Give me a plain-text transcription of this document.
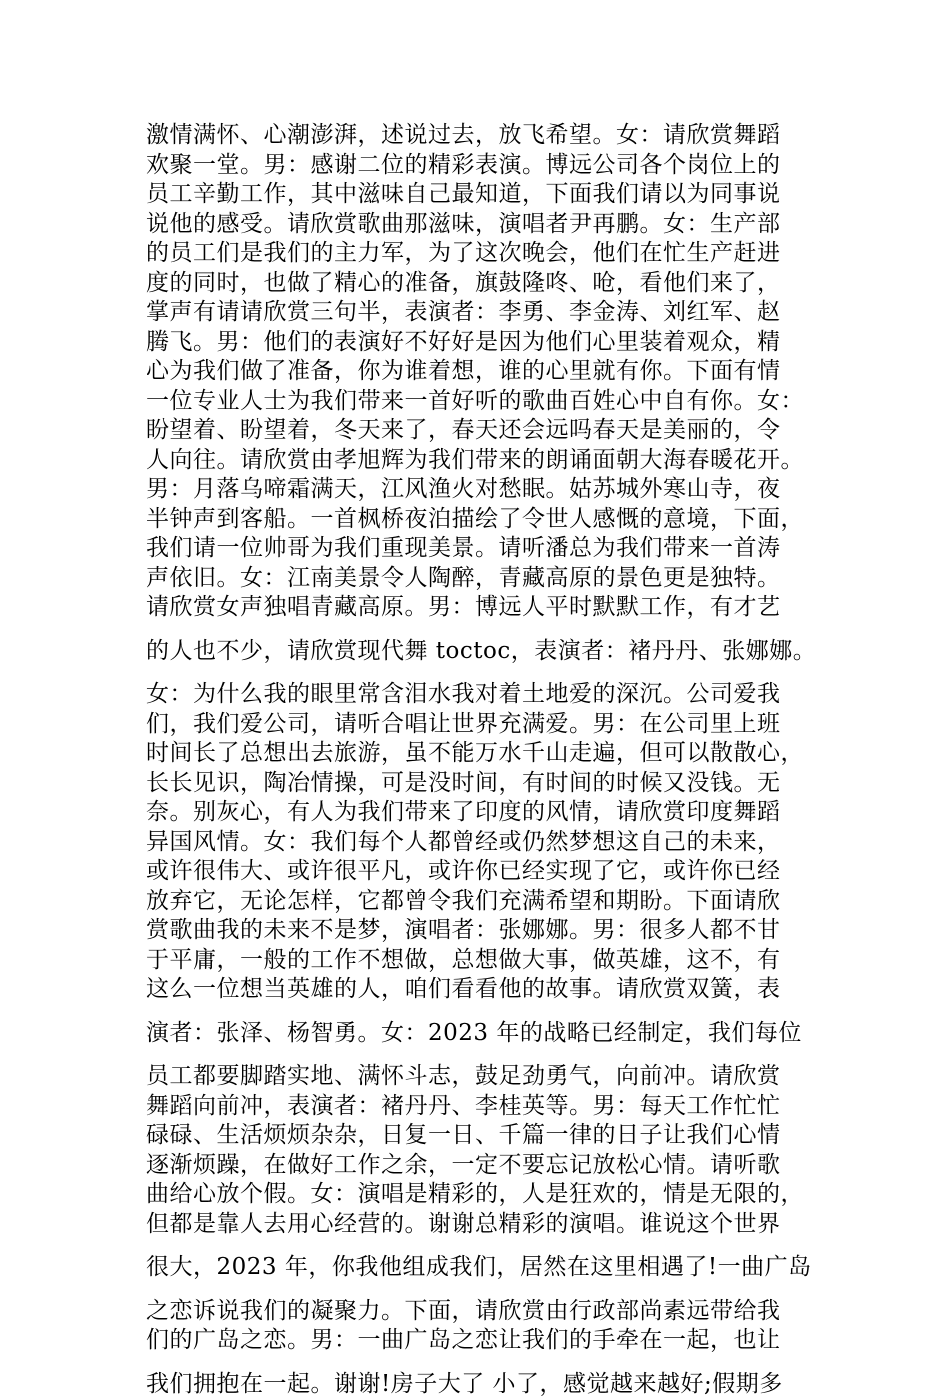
激情满怀、心潮澎湃，述说过去，放飞希望。女：请欣赏舞蹈
欢聚一堂。男：感谢二位的精彩表演。博远公司各个岗位上的
员工辛勤工作，其中滋味自己最知道，下面我们请以为同事说
说他的感受。请欣赏歌曲那滋味，演唱者尹再鹏。女：生产部
的员工们是我们的主力军，为了这次晚会，他们在忙生产赶进
度的同时，也做了精心的准备，旗鼓隆咚、呛，看他们来了，
掌声有请请欣赏三句半，表演者：李勇、李金涛、刘红军、赵
腾飞。男：他们的表演好不好好是因为他们心里装着观众，精
心为我们做了准备，你为谁着想，谁的心里就有你。下面有情
一位专业人士为我们带来一首好听的歌曲百姓心中自有你。女：
盼望着、盼望着，冬天来了，春天还会远吗春天是美丽的，令
人向往。请欣赏由孝旭辉为我们带来的朗诵面朝大海春暖花开。
男：月落乌啼霜满天，江风渔火对愁眠。姑苏城外寒山寺，夜
半钟声到客船。一首枫桥夜泊描绘了令世人感慨的意境，下面，
我们请一位帅哥为我们重现美景。请听潘总为我们带来一首涛
声依旧。女：江南美景令人陶醉，青藏高原的景色更是独特。
请欣赏女声独唱青藏高原。男：博远人平时默默工作，有才艺
的人也不少，请欣赏现代舞 toctoc，表演者：褚丹丹、张娜娜。
女：为什么我的眼里常含泪水我对着土地爱的深沉。公司爱我
们，我们爱公司，请听合唱让世界充满爱。男：在公司里上班
时间长了总想出去旅游，虽不能万水千山走遍，但可以散散心，
长长见识，陶冶情操，可是没时间，有时间的时候又没钱。无
奈。别灰心，有人为我们带来了印度的风情，请欣赏印度舞蹈
异国风情。女：我们每个人都曾经或仍然梦想这自己的未来，
或许很伟大、或许很平凡，或许你已经实现了它，或许你已经
放弃它，无论怎样，它都曾令我们充满希望和期盼。下面请欣
赏歌曲我的未来不是梦，演唱者：张娜娜。男：很多人都不甘
于平庸，一般的工作不想做，总想做大事，做英雄，这不，有
这么一位想当英雄的人，咱们看看他的故事。请欣赏双簧，表
演者：张泽、杨智勇。女：2023 年的战略已经制定，我们每位
员工都要脚踏实地、满怀斗志，鼓足劲勇气，向前冲。请欣赏
舞蹈向前冲，表演者：褚丹丹、李桂英等。男：每天工作忙忙
碌碌、生活烦烦杂杂，日复一日、千篇一律的日子让我们心情
逐渐烦躁，在做好工作之余，一定不要忘记放松心情。请听歌
曲给心放个假。女：演唱是精彩的，人是狂欢的，情是无限的，
但都是靠人去用心经营的。谢谢总精彩的演唱。谁说这个世界
很大，2023 年，你我他组成我们，居然在这里相遇了!一曲广岛
之恋诉说我们的凝聚力。下面，请欣赏由行政部尚素远带给我
们的广岛之恋。男：一曲广岛之恋让我们的手牵在一起，也让
我们拥抱在一起。谢谢!房子大了 小了，感觉越来越好;假期多
